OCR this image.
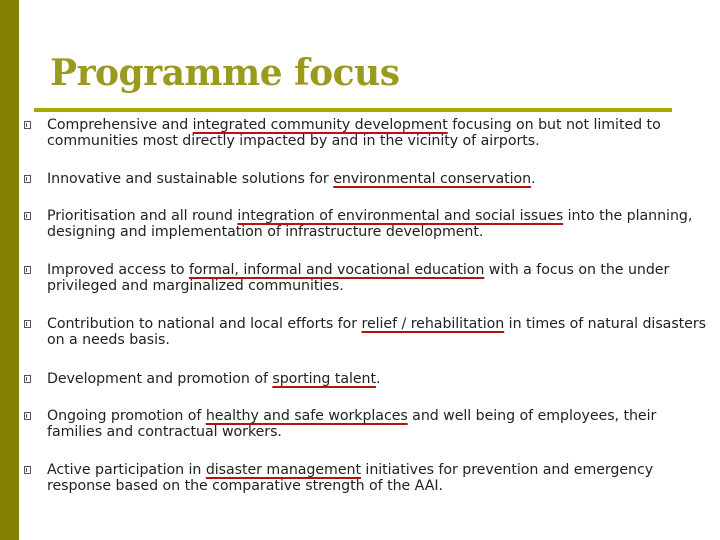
Programme focus

Comprehensive and integrated community development focusing on but not limited to communities most directly impacted by and in the vicinity of airports.

Innovative and sustainable solutions for environmental conservation.

Prioritisation and all round integration of environmental and social issues into the planning, designing and implementation of infrastructure development.

Improved access to formal, informal and vocational education with a focus on the under privileged and marginalized communities.

Contribution to national and local efforts for relief / rehabilitation in times of natural disasters on a needs basis.

Development and promotion of sporting talent.

Ongoing promotion of healthy and safe workplaces and well being of employees, their families and contractual workers.

Active participation in disaster management initiatives for prevention and emergency response based on the comparative strength of the AAI.
